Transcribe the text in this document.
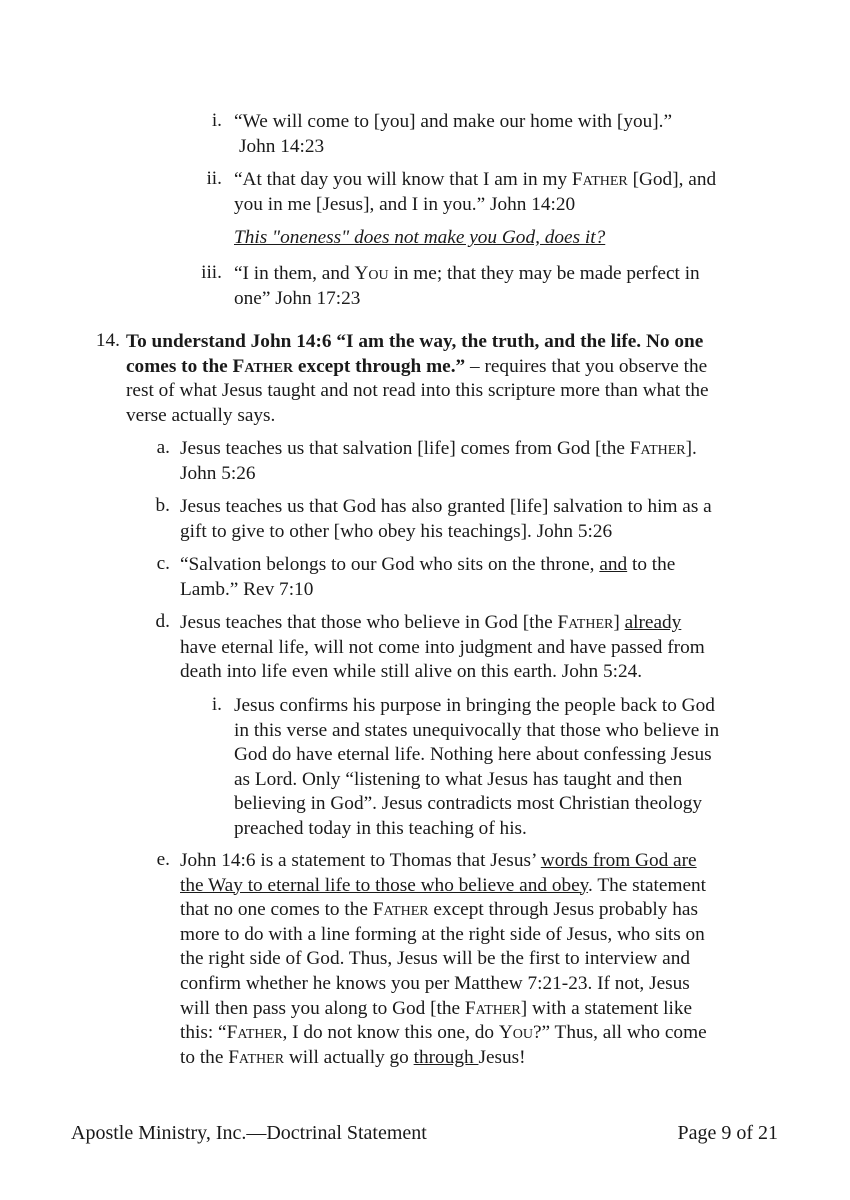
i. “We will come to [you] and make our home with [you].”
John 14:23
ii. “At that day you will know that I am in my Father [God], and
you in me [Jesus], and I in you.” John 14:20
This "oneness" does not make you God, does it?
iii. “I in them, and You in me; that they may be made perfect in
one” John 17:23
14. To understand John 14:6 “I am the way, the truth, and the life. No one
comes to the Father except through me.” – requires that you observe the
rest of what Jesus taught and not read into this scripture more than what the
verse actually says.
a. Jesus teaches us that salvation [life] comes from God [the Father].
John 5:26
b. Jesus teaches us that God has also granted [life] salvation to him as a
gift to give to other [who obey his teachings]. John 5:26
c. “Salvation belongs to our God who sits on the throne, and to the
Lamb.” Rev 7:10
d. Jesus teaches that those who believe in God [the Father] already
have eternal life, will not come into judgment and have passed from
death into life even while still alive on this earth. John 5:24.
i. Jesus confirms his purpose in bringing the people back to God
in this verse and states unequivocally that those who believe in
God do have eternal life. Nothing here about confessing Jesus
as Lord. Only “listening to what Jesus has taught and then
believing in God”. Jesus contradicts most Christian theology
preached today in this teaching of his.
e. John 14:6 is a statement to Thomas that Jesus’ words from God are
the Way to eternal life to those who believe and obey. The statement
that no one comes to the Father except through Jesus probably has
more to do with a line forming at the right side of Jesus, who sits on
the right side of God. Thus, Jesus will be the first to interview and
confirm whether he knows you per Matthew 7:21-23. If not, Jesus
will then pass you along to God [the Father] with a statement like
this: “Father, I do not know this one, do You?” Thus, all who come
to the Father will actually go through Jesus!
Apostle Ministry, Inc.—Doctrinal Statement	Page 9 of 21
